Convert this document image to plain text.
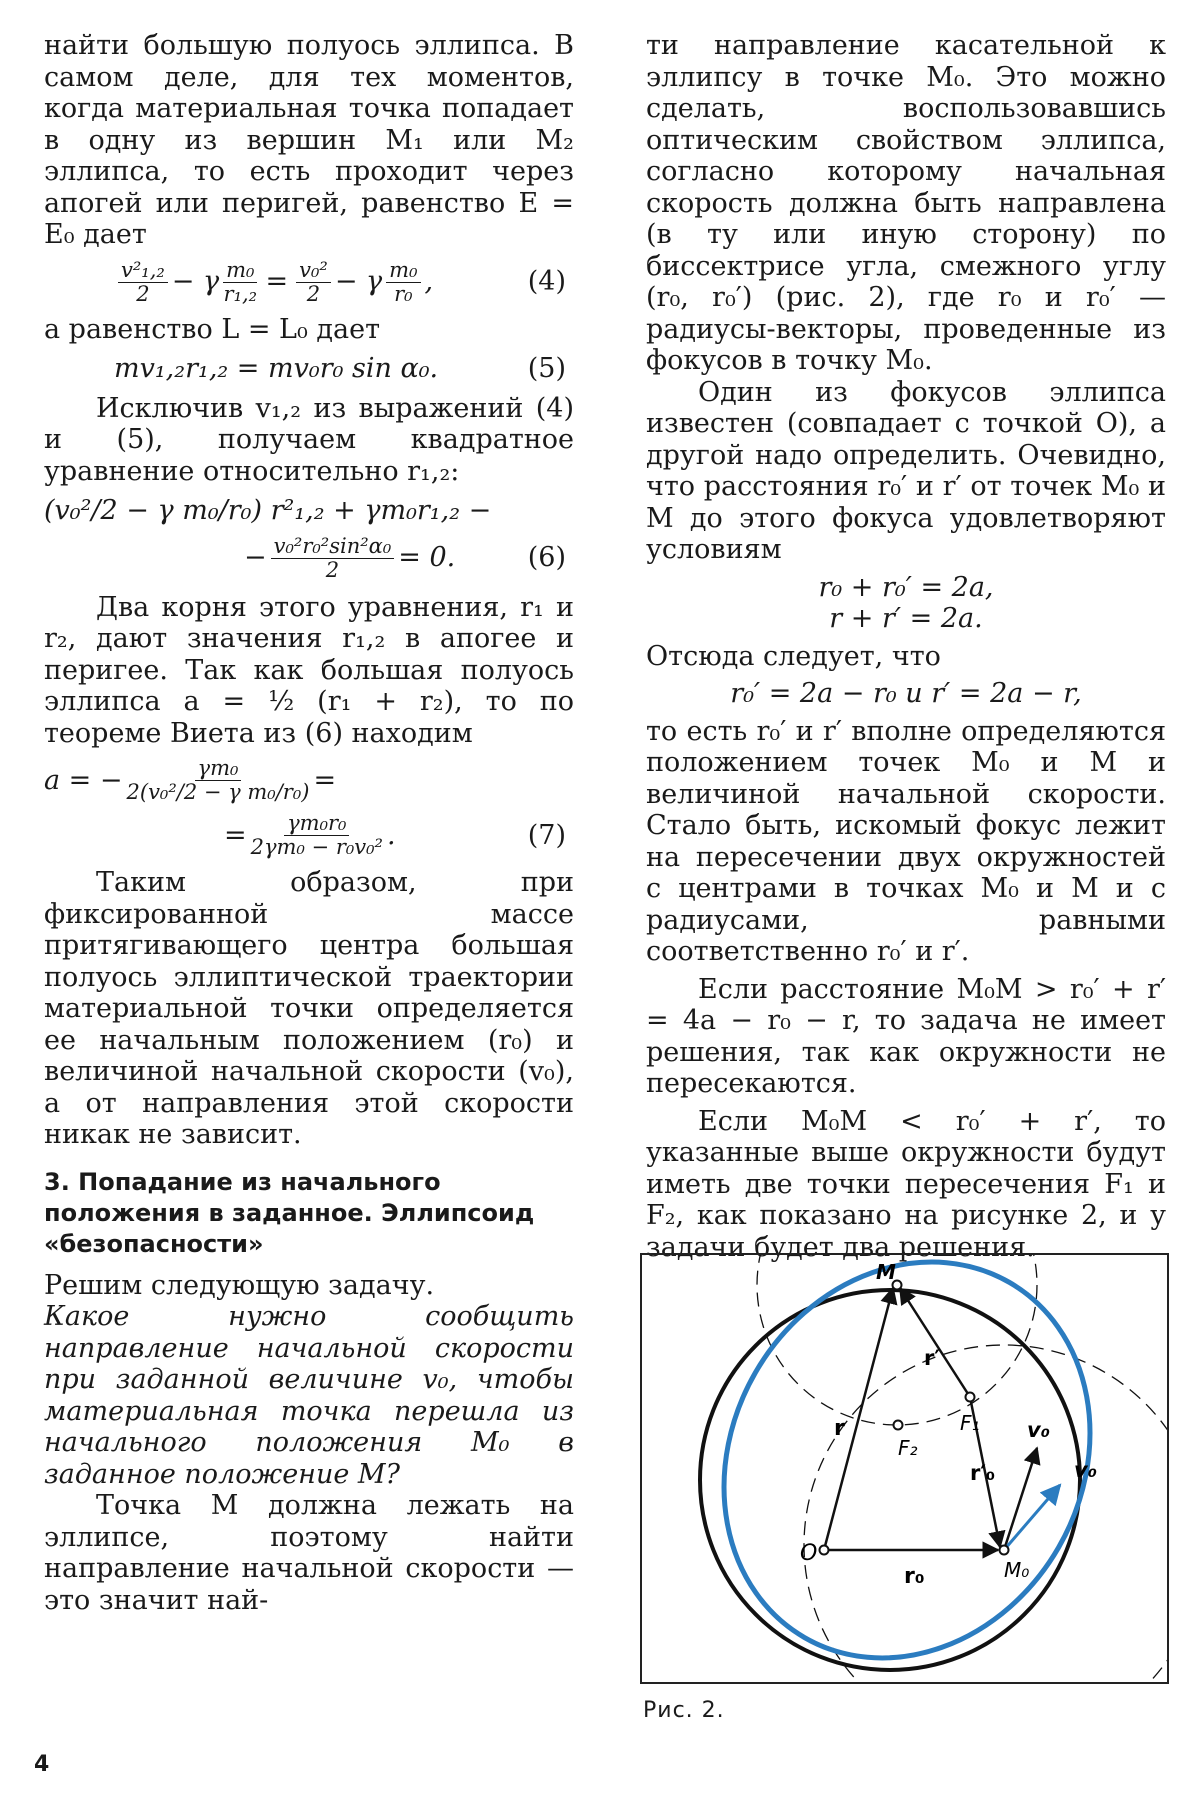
найти большую полуось эллипса. В самом деле, для тех моментов, когда материальная точка попадает в одну из вершин M₁ или M₂ эллипса, то есть проходит через апогей или перигей, равенство E = E₀ дает

$\frac{\text{v²₁,₂}}{2} - \gamma \frac{\text{m₀}}{\text{r₁,₂}} = \frac{\text{v₀²}}{2} - \gamma \frac{\text{m₀}}{\text{r₀}}$ ,	(4)

а равенство L = L₀ дает

mv₁,₂r₁,₂ = mv₀r₀ sin α₀.	(5)

Исключив v₁,₂ из выражений (4) и (5), получаем квадратное уравнение относительно r₁,₂:

(v₀²/2 − γ m₀/r₀) r²₁,₂ + γm₀r₁,₂ −
− $\frac{\text{v₀²r₀²sin²α₀}}{2} = 0$.	(6)

Два корня этого уравнения, r₁ и r₂, дают значения r₁,₂ в апогее и перигее. Так как большая полуось эллипса a = ½ (r₁ + r₂), то по теореме Виета из (6) находим

a = − $\frac{\text{γm₀}}{\text{2(v₀²/2 − γ m₀/r₀)}}$ =
= $\frac{\text{γm₀r₀}}{\text{2γm₀ − r₀v₀²}}$ .	(7)

Таким образом, при фиксированной массе притягивающего центра большая полуось эллиптической траектории материальной точки определяется ее начальным положением (r₀) и величиной начальной скорости (v₀), а от направления этой скорости никак не зависит.

3. Попадание из начального положения в заданное. Эллипсоид «безопасности»

Решим следующую задачу.

Какое нужно сообщить направление начальной скорости при заданной величине v₀, чтобы материальная точка перешла из начального положения M₀ в заданное положение M?

Точка M должна лежать на эллипсе, поэтому найти направление начальной скорости — это значит най-

ти направление касательной к эллипсу в точке M₀. Это можно сделать, воспользовавшись оптическим свойством эллипса, согласно которому начальная скорость должна быть направлена (в ту или иную сторону) по биссектрисе угла, смежного углу (r₀, r₀′) (рис. 2), где r₀ и r₀′ — радиусы-векторы, проведенные из фокусов в точку M₀.

Один из фокусов эллипса известен (совпадает с точкой O), а другой надо определить. Очевидно, что расстояния r₀′ и r′ от точек M₀ и M до этого фокуса удовлетворяют условиям

r₀ + r₀′ = 2a,
r + r′ = 2a.

Отсюда следует, что

r₀′ = 2a − r₀ и r′ = 2a − r,

то есть r₀′ и r′ вполне определяются положением точек M₀ и M и величиной начальной скорости. Стало быть, искомый фокус лежит на пересечении двух окружностей с центрами в точках M₀ и M и с радиусами, равными соответственно r₀′ и r′.

Если расстояние M₀M > r₀′ + r′ = 4a − r₀ − r, то задача не имеет решения, так как окружности не пересекаются.

Если M₀M < r₀′ + r′, то указанные выше окружности будут иметь две точки пересечения F₁ и F₂, как показано на рисунке 2, и у задачи будет два решения.

M
r′
F₁
F₂
r	v₀
r′₀	v₀
O
r₀	M₀
Рис. 2.
4
